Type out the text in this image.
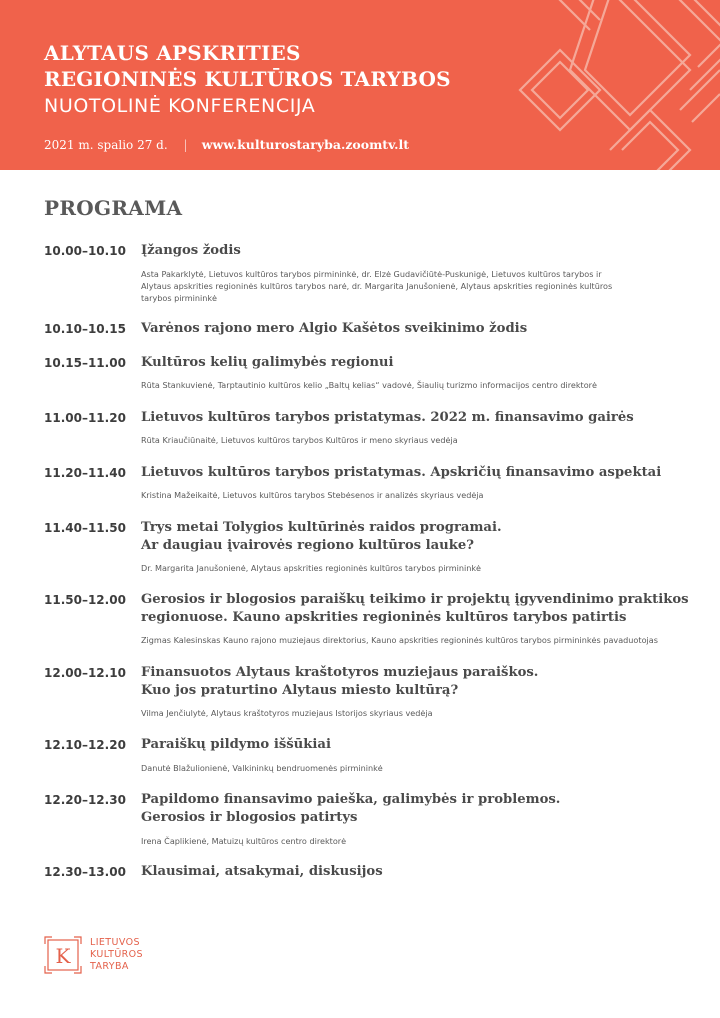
ALYTAUS APSKRITIES
REGIONINĖS KULTŪROS TARYBOS
NUOTOLINĖ KONFERENCIJA
2021 m. spalio 27 d. | www.kulturostaryba.zoomtv.lt
PROGRAMA
10.00–10.10	Įžangos žodis
Asta Pakarklytė, Lietuvos kultūros tarybos pirmininkė, dr. Elzė Gudavičiūtė-Puskunigė, Lietuvos kultūros tarybos ir
Alytaus apskrities regioninės kultūros tarybos narė, dr. Margarita Janušonienė, Alytaus apskrities regioninės kultūros
tarybos pirmininkė
10.10–10.15	Varėnos rajono mero Algio Kašėtos sveikinimo žodis
10.15–11.00	Kultūros kelių galimybės regionui
Rūta Stankuvienė, Tarptautinio kultūros kelio „Baltų kelias“ vadovė, Šiaulių turizmo informacijos centro direktorė
11.00–11.20	Lietuvos kultūros tarybos pristatymas. 2022 m. finansavimo gairės
Rūta Kriaučiūnaitė, Lietuvos kultūros tarybos Kultūros ir meno skyriaus vedėja
11.20–11.40	Lietuvos kultūros tarybos pristatymas. Apskričių finansavimo aspektai
Kristina Mažeikaitė, Lietuvos kultūros tarybos Stebėsenos ir analizės skyriaus vedėja
11.40–11.50	Trys metai Tolygios kultūrinės raidos programai.
Ar daugiau įvairovės regiono kultūros lauke?
Dr. Margarita Janušonienė, Alytaus apskrities regioninės kultūros tarybos pirmininkė
11.50–12.00	Gerosios ir blogosios paraiškų teikimo ir projektų įgyvendinimo praktikos
regionuose. Kauno apskrities regioninės kultūros tarybos patirtis
Zigmas Kalesinskas Kauno rajono muziejaus direktorius, Kauno apskrities regioninės kultūros tarybos pirmininkės pavaduotojas
12.00–12.10	Finansuotos Alytaus kraštotyros muziejaus paraiškos.
Kuo jos praturtino Alytaus miesto kultūrą?
Vilma Jenčiulytė, Alytaus kraštotyros muziejaus Istorijos skyriaus vedėja
12.10–12.20	Paraiškų pildymo iššūkiai
Danutė Blažulionienė, Valkininkų bendruomenės pirmininkė
12.20–12.30	Papildomo finansavimo paieška, galimybės ir problemos.
Gerosios ir blogosios patirtys
Irena Čaplikienė, Matuizų kultūros centro direktorė
12.30–13.00	Klausimai, atsakymai, diskusijos
K
LIETUVOS
KULTŪROS
TARYBA
